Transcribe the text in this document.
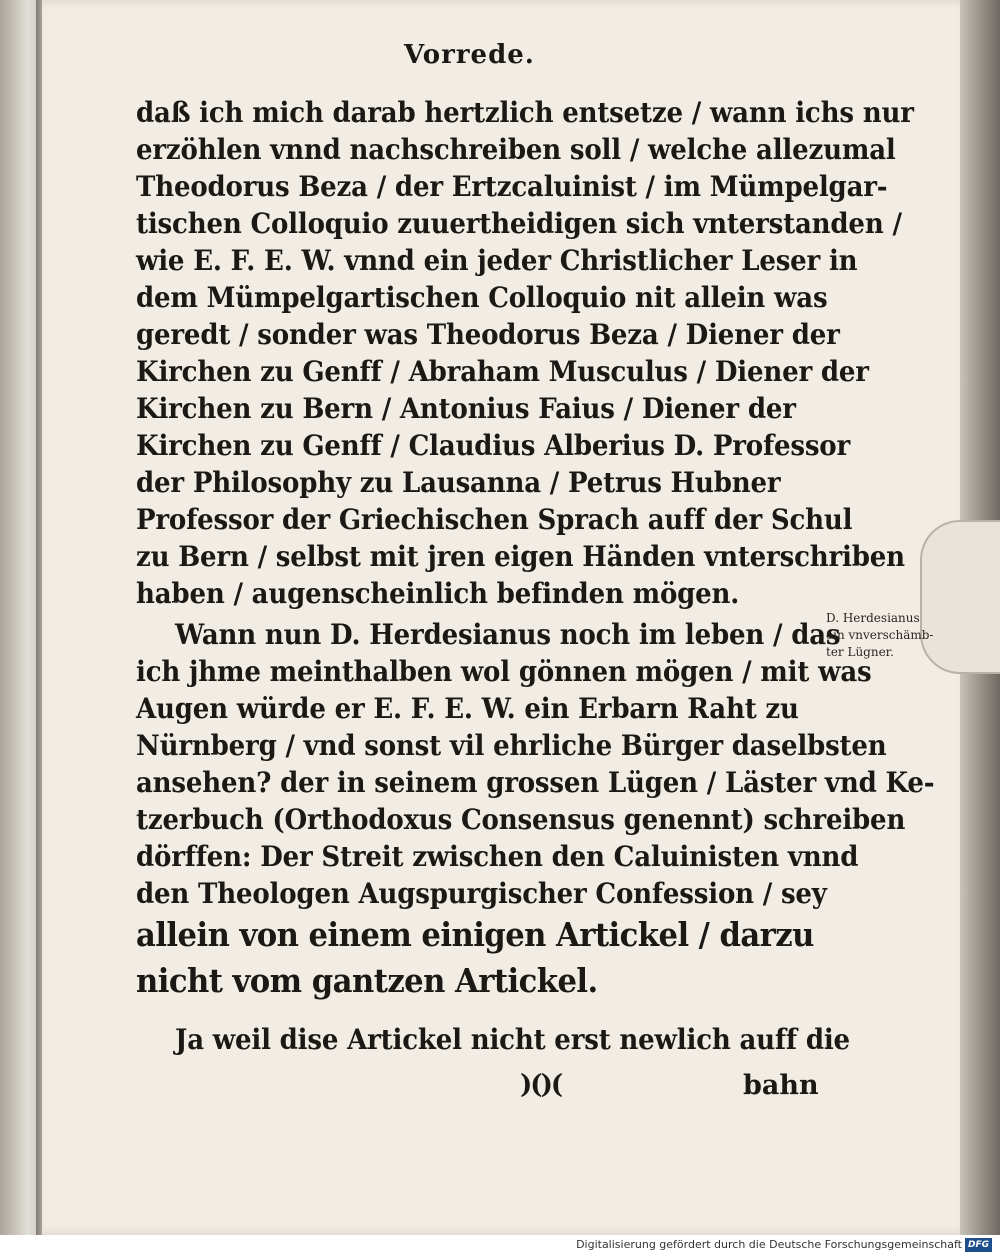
Vorrede.
daß ich mich darab hertzlich entsetze / wann ichs nur
erzöhlen vnnd nachschreiben soll / welche allezumal
Theodorus Beza / der Ertzcaluinist / im Mümpelgar-
tischen Colloquio zuuertheidigen sich vnterstanden /
wie E. F. E. W. vnnd ein jeder Christlicher Leser in
dem Mümpelgartischen Colloquio nit allein was
geredt / sonder was Theodorus Beza / Diener der
Kirchen zu Genff / Abraham Musculus / Diener der
Kirchen zu Bern / Antonius Faius / Diener der
Kirchen zu Genff / Claudius Alberius D. Professor
der Philosophy zu Lausanna / Petrus Hubner
Professor der Griechischen Sprach auff der Schul
zu Bern / selbst mit jren eigen Händen vnterschriben
haben / augenscheinlich befinden mögen.
Wann nun D. Herdesianus noch im leben / das
ich jhme meinthalben wol gönnen mögen / mit was
Augen würde er E. F. E. W. ein Erbarn Raht zu
Nürnberg / vnd sonst vil ehrliche Bürger daselbsten
ansehen? der in seinem grossen Lügen / Läster vnd Ke-
tzerbuch (Orthodoxus Consensus genennt) schreiben
dörffen: Der Streit zwischen den Caluinisten vnnd
den Theologen Augspurgischer Confession / sey
allein von einem einigen Artickel / darzu
nicht vom gantzen Artickel.
Ja weil dise Artickel nicht erst newlich auff die
D. Herdesianus
ein vnverschämb-
ter Lügner.
)()(	bahn
Digitalisierung gefördert durch die Deutsche Forschungsgemeinschaft DFG
